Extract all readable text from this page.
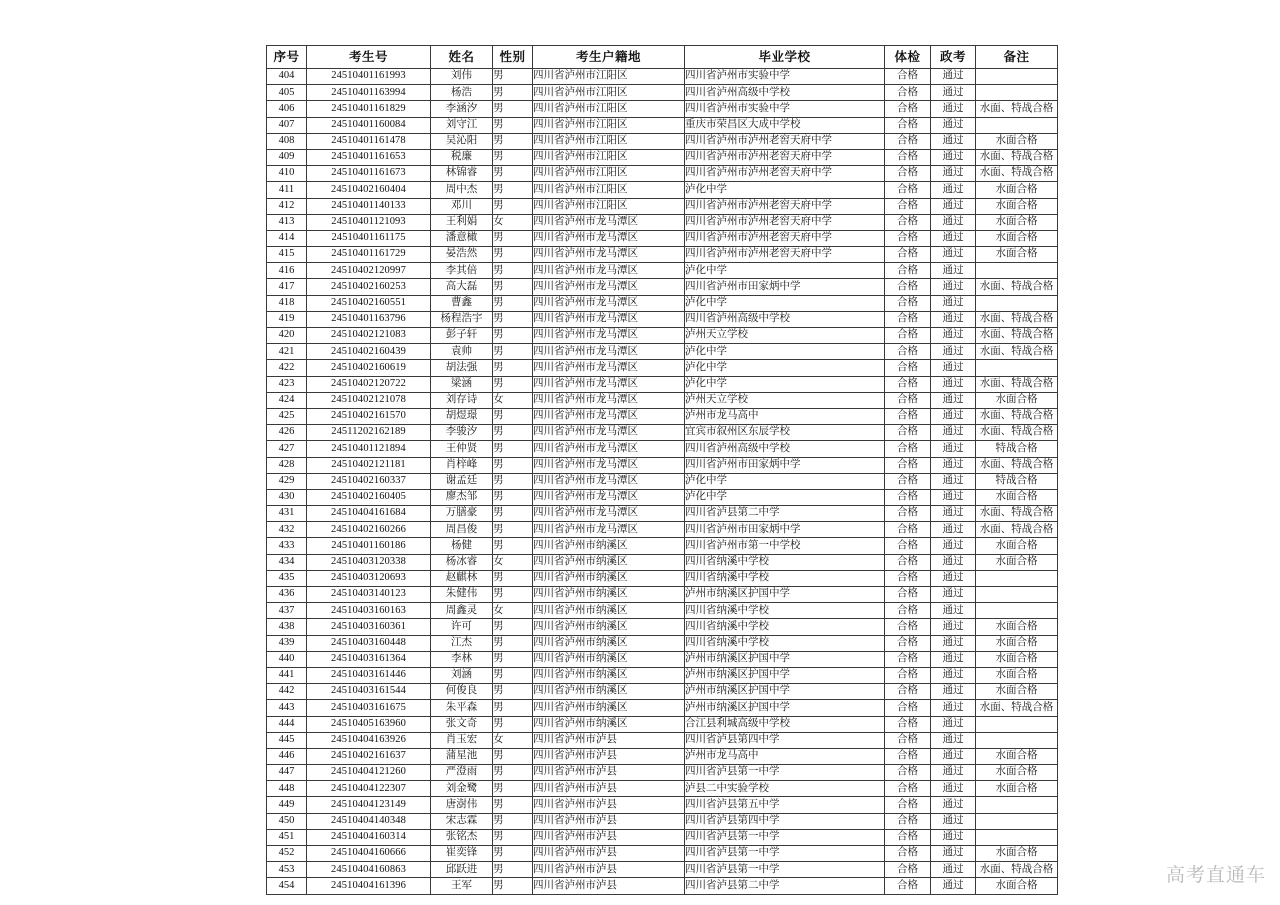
序号	考生号	姓名	性别	考生户籍地	毕业学校	体检	政考	备注
404	24510401161993	刘伟	男	四川省泸州市江阳区	四川省泸州市实验中学	合格	通过	
405	24510401163994	杨浩	男	四川省泸州市江阳区	四川省泸州高级中学校	合格	通过	
406	24510401161829	李涵汐	男	四川省泸州市江阳区	四川省泸州市实验中学	合格	通过	水面、特战合格
407	24510401160084	刘守江	男	四川省泸州市江阳区	重庆市荣昌区大成中学校	合格	通过	
408	24510401161478	吴沁阳	男	四川省泸州市江阳区	四川省泸州市泸州老窖天府中学	合格	通过	水面合格
409	24510401161653	税廉	男	四川省泸州市江阳区	四川省泸州市泸州老窖天府中学	合格	通过	水面、特战合格
410	24510401161673	林锦睿	男	四川省泸州市江阳区	四川省泸州市泸州老窖天府中学	合格	通过	水面、特战合格
411	24510402160404	周中杰	男	四川省泸州市江阳区	泸化中学	合格	通过	水面合格
412	24510401140133	邓川	男	四川省泸州市江阳区	四川省泸州市泸州老窖天府中学	合格	通过	水面合格
413	24510401121093	王利娟	女	四川省泸州市龙马潭区	四川省泸州市泸州老窖天府中学	合格	通过	水面合格
414	24510401161175	潘意橄	男	四川省泸州市龙马潭区	四川省泸州市泸州老窖天府中学	合格	通过	水面合格
415	24510401161729	晏浩然	男	四川省泸州市龙马潭区	四川省泸州市泸州老窖天府中学	合格	通过	水面合格
416	24510402120997	李其倍	男	四川省泸州市龙马潭区	泸化中学	合格	通过	
417	24510402160253	高大磊	男	四川省泸州市龙马潭区	四川省泸州市田家炳中学	合格	通过	水面、特战合格
418	24510402160551	曹鑫	男	四川省泸州市龙马潭区	泸化中学	合格	通过	
419	24510401163796	杨程浩宇	男	四川省泸州市龙马潭区	四川省泸州高级中学校	合格	通过	水面、特战合格
420	24510402121083	彭子轩	男	四川省泸州市龙马潭区	泸州天立学校	合格	通过	水面、特战合格
421	24510402160439	袁帅	男	四川省泸州市龙马潭区	泸化中学	合格	通过	水面、特战合格
422	24510402160619	胡法强	男	四川省泸州市龙马潭区	泸化中学	合格	通过	
423	24510402120722	梁涵	男	四川省泸州市龙马潭区	泸化中学	合格	通过	水面、特战合格
424	24510402121078	刘存诗	女	四川省泸州市龙马潭区	泸州天立学校	合格	通过	水面合格
425	24510402161570	胡煜璟	男	四川省泸州市龙马潭区	泸州市龙马高中	合格	通过	水面、特战合格
426	24511202162189	李骏汐	男	四川省泸州市龙马潭区	宜宾市叙州区东辰学校	合格	通过	水面、特战合格
427	24510401121894	王仲贤	男	四川省泸州市龙马潭区	四川省泸州高级中学校	合格	通过	特战合格
428	24510402121181	肖梓峰	男	四川省泸州市龙马潭区	四川省泸州市田家炳中学	合格	通过	水面、特战合格
429	24510402160337	谢孟廷	男	四川省泸州市龙马潭区	泸化中学	合格	通过	特战合格
430	24510402160405	廖杰邹	男	四川省泸州市龙马潭区	泸化中学	合格	通过	水面合格
431	24510404161684	万膳豪	男	四川省泸州市龙马潭区	四川省泸县第二中学	合格	通过	水面、特战合格
432	24510402160266	周昌俊	男	四川省泸州市龙马潭区	四川省泸州市田家炳中学	合格	通过	水面、特战合格
433	24510401160186	杨健	男	四川省泸州市纳溪区	四川省泸州市第一中学校	合格	通过	水面合格
434	24510403120338	杨冰睿	女	四川省泸州市纳溪区	四川省纳溪中学校	合格	通过	水面合格
435	24510403120693	赵麒林	男	四川省泸州市纳溪区	四川省纳溪中学校	合格	通过	
436	24510403140123	朱健伟	男	四川省泸州市纳溪区	泸州市纳溪区护国中学	合格	通过	
437	24510403160163	周鑫灵	女	四川省泸州市纳溪区	四川省纳溪中学校	合格	通过	
438	24510403160361	许可	男	四川省泸州市纳溪区	四川省纳溪中学校	合格	通过	水面合格
439	24510403160448	江杰	男	四川省泸州市纳溪区	四川省纳溪中学校	合格	通过	水面合格
440	24510403161364	李林	男	四川省泸州市纳溪区	泸州市纳溪区护国中学	合格	通过	水面合格
441	24510403161446	刘涵	男	四川省泸州市纳溪区	泸州市纳溪区护国中学	合格	通过	水面合格
442	24510403161544	何俊良	男	四川省泸州市纳溪区	泸州市纳溪区护国中学	合格	通过	水面合格
443	24510403161675	朱平森	男	四川省泸州市纳溪区	泸州市纳溪区护国中学	合格	通过	水面、特战合格
444	24510405163960	张文奇	男	四川省泸州市纳溪区	合江县利城高级中学校	合格	通过	
445	24510404163926	肖玉宏	女	四川省泸州市泸县	四川省泸县第四中学	合格	通过	
446	24510402161637	蒲星池	男	四川省泸州市泸县	泸州市龙马高中	合格	通过	水面合格
447	24510404121260	严澄雨	男	四川省泸州市泸县	四川省泸县第一中学	合格	通过	水面合格
448	24510404122307	刘金鹭	男	四川省泸州市泸县	泸县二中实验学校	合格	通过	水面合格
449	24510404123149	唐澍伟	男	四川省泸州市泸县	四川省泸县第五中学	合格	通过	
450	24510404140348	宋志霖	男	四川省泸州市泸县	四川省泸县第四中学	合格	通过	
451	24510404160314	张铭杰	男	四川省泸州市泸县	四川省泸县第一中学	合格	通过	
452	24510404160666	崔奕锋	男	四川省泸州市泸县	四川省泸县第一中学	合格	通过	水面合格
453	24510404160863	邱跃进	男	四川省泸州市泸县	四川省泸县第一中学	合格	通过	水面、特战合格
454	24510404161396	王军	男	四川省泸州市泸县	四川省泸县第二中学	合格	通过	水面合格	高考直通车
